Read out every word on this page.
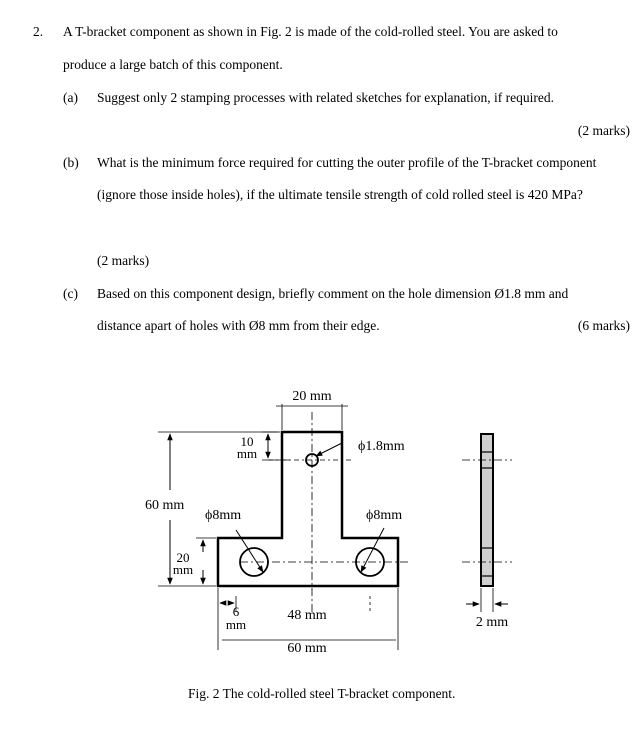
2. A T-bracket component as shown in Fig. 2 is made of the cold-rolled steel. You are asked to
produce a large batch of this component.
(a) Suggest only 2 stamping processes with related sketches for explanation, if required.
(2 marks)
(b) What is the minimum force required for cutting the outer profile of the T-bracket component
(ignore those inside holes), if the ultimate tensile strength of cold rolled steel is 420 MPa?
(2 marks)
(c) Based on this component design, briefly comment on the hole dimension Ø1.8 mm and
distance apart of holes with Ø8 mm from their edge.	(6 marks)
20 mm
ϕ1.8mm
10
mm
60 mm
ϕ8mm	ϕ8mm
20
mm
6
mm
48 mm
60 mm
2 mm
Fig. 2 The cold-rolled steel T-bracket component.
